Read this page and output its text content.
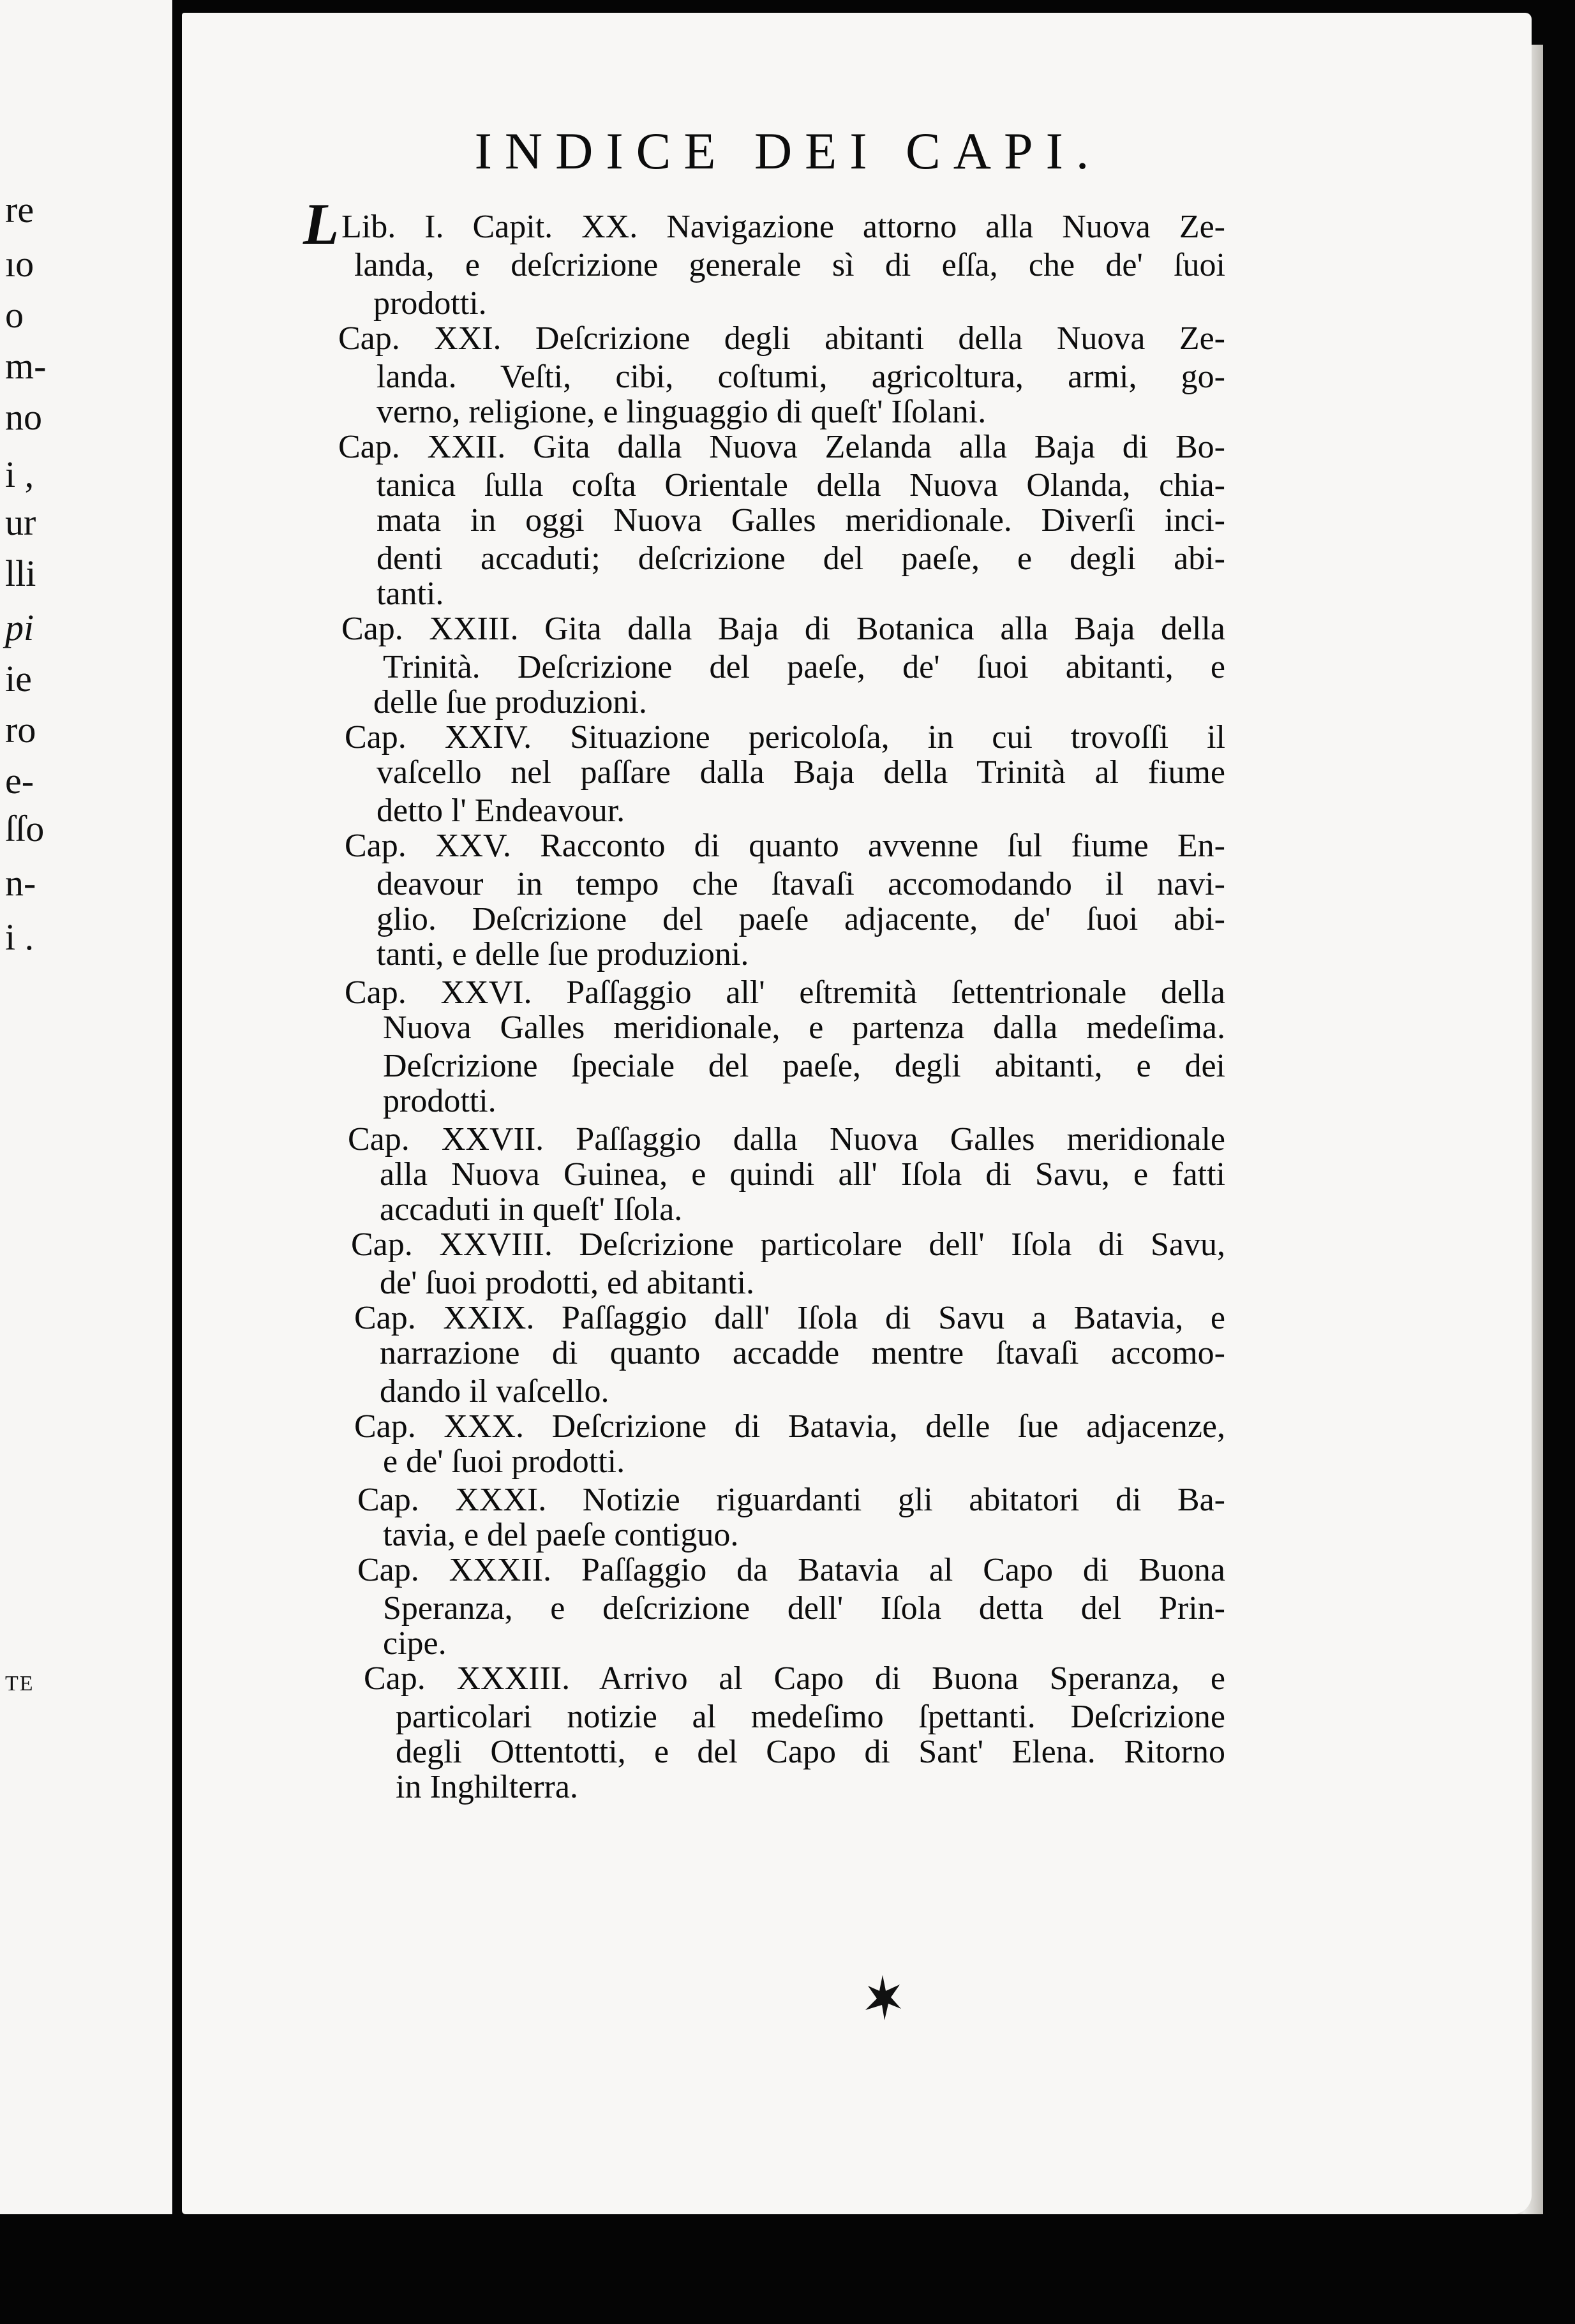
TE
re
ıo
o
m-
no
i ,
ur
lli
pi
ie
ro
e-
ſſo
n-
i .
INDICE DEI CAPI.
L Lib. I. Capit. XX. Navigazione attorno alla Nuova Ze-
landa, e deſcrizione generale sì di eſſa, che de' ſuoi
prodotti.
Cap. XXI. Deſcrizione degli abitanti della Nuova Ze-
landa. Veſti, cibi, coſtumi, agricoltura, armi, go-
verno, religione, e linguaggio di queſt' Iſolani.
Cap. XXII. Gita dalla Nuova Zelanda alla Baja di Bo-
tanica ſulla coſta Orientale della Nuova Olanda, chia-
mata in oggi Nuova Galles meridionale. Diverſi inci-
denti accaduti; deſcrizione del paeſe, e degli abi-
tanti.
Cap. XXIII. Gita dalla Baja di Botanica alla Baja della
Trinità. Deſcrizione del paeſe, de' ſuoi abitanti, e
delle ſue produzioni.
Cap. XXIV. Situazione pericoloſa, in cui trovoſſi il
vaſcello nel paſſare dalla Baja della Trinità al fiume
detto l' Endeavour.
Cap. XXV. Racconto di quanto avvenne ſul fiume En-
deavour in tempo che ſtavaſi accomodando il navi-
glio. Deſcrizione del paeſe adjacente, de' ſuoi abi-
tanti, e delle ſue produzioni.
Cap. XXVI. Paſſaggio all' eſtremità ſettentrionale della
Nuova Galles meridionale, e partenza dalla medeſima.
Deſcrizione ſpeciale del paeſe, degli abitanti, e dei
prodotti.
Cap. XXVII. Paſſaggio dalla Nuova Galles meridionale
alla Nuova Guinea, e quindi all' Iſola di Savu, e fatti
accaduti in queſt' Iſola.
Cap. XXVIII. Deſcrizione particolare dell' Iſola di Savu,
de' ſuoi prodotti, ed abitanti.
Cap. XXIX. Paſſaggio dall' Iſola di Savu a Batavia, e
narrazione di quanto accadde mentre ſtavaſi accomo-
dando il vaſcello.
Cap. XXX. Deſcrizione di Batavia, delle ſue adjacenze,
e de' ſuoi prodotti.
Cap. XXXI. Notizie riguardanti gli abitatori di Ba-
tavia, e del paeſe contiguo.
Cap. XXXII. Paſſaggio da Batavia al Capo di Buona
Speranza, e deſcrizione dell' Iſola detta del Prin-
cipe.
Cap. XXXIII. Arrivo al Capo di Buona Speranza, e
particolari notizie al medeſimo ſpettanti. Deſcrizione
degli Ottentotti, e del Capo di Sant' Elena. Ritorno
in Inghilterra.
